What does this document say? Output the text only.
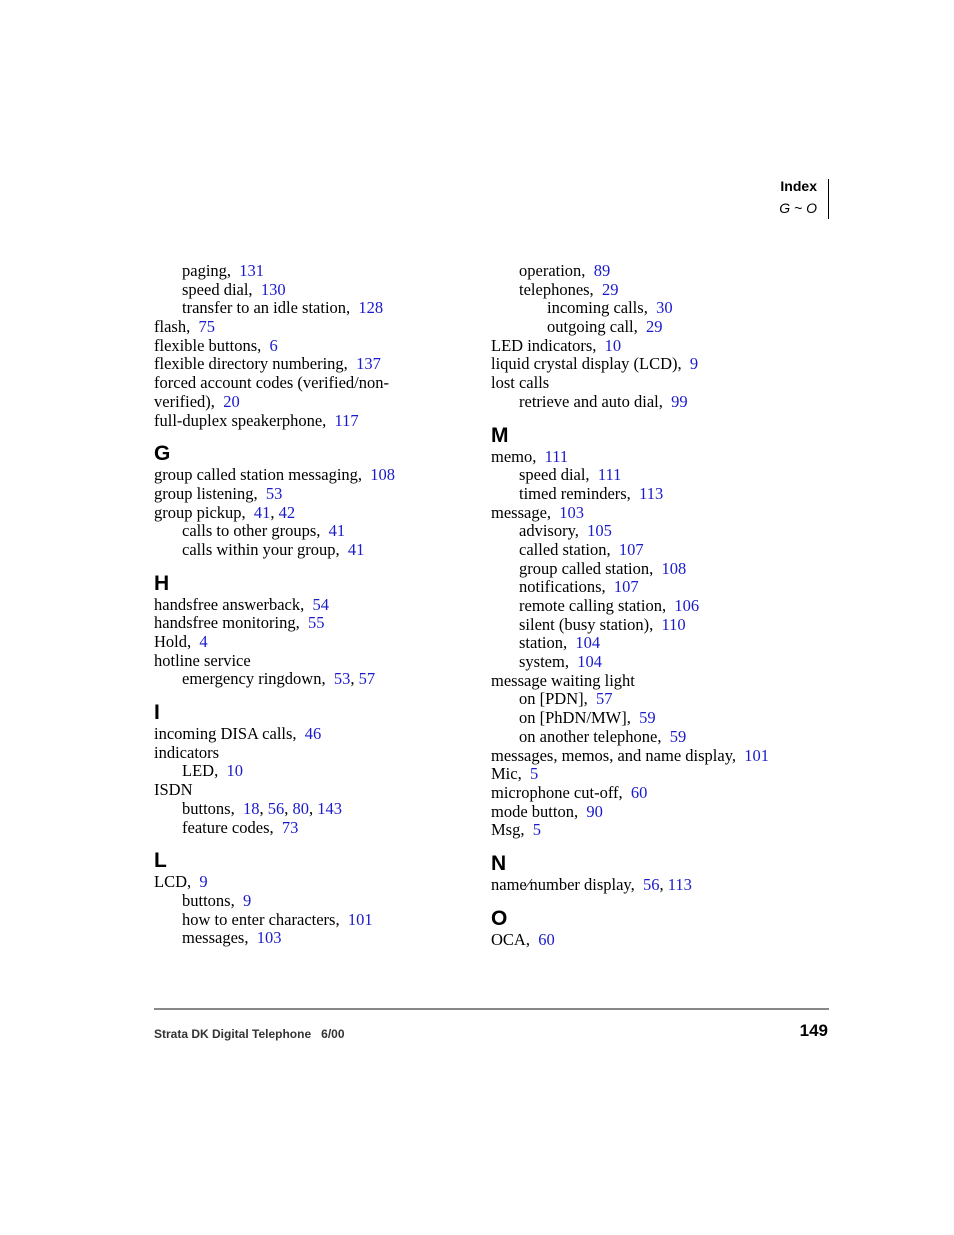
Index
G ~ O
paging, 131
speed dial, 130
transfer to an idle station, 128
flash, 75
flexible buttons, 6
flexible directory numbering, 137
forced account codes (verified/non-
verified), 20
full-duplex speakerphone, 117
G
group called station messaging, 108
group listening, 53
group pickup, 41, 42
calls to other groups, 41
calls within your group, 41
H
handsfree answerback, 54
handsfree monitoring, 55
Hold, 4
hotline service
emergency ringdown, 53, 57
I
incoming DISA calls, 46
indicators
LED, 10
ISDN
buttons, 18, 56, 80, 143
feature codes, 73
L
LCD, 9
buttons, 9
how to enter characters, 101
messages, 103
operation, 89
telephones, 29
incoming calls, 30
outgoing call, 29
LED indicators, 10
liquid crystal display (LCD), 9
lost calls
retrieve and auto dial, 99
M
memo, 111
speed dial, 111
timed reminders, 113
message, 103
advisory, 105
called station, 107
group called station, 108
notifications, 107
remote calling station, 106
silent (busy station), 110
station, 104
system, 104
message waiting light
on [PDN], 57
on [PhDN/MW], 59
on another telephone, 59
messages, memos, and name display, 101
Mic, 5
microphone cut-off, 60
mode button, 90
Msg, 5
N
name⁄number display, 56, 113
O
OCA, 60
Strata DK Digital Telephone 6/00	149
